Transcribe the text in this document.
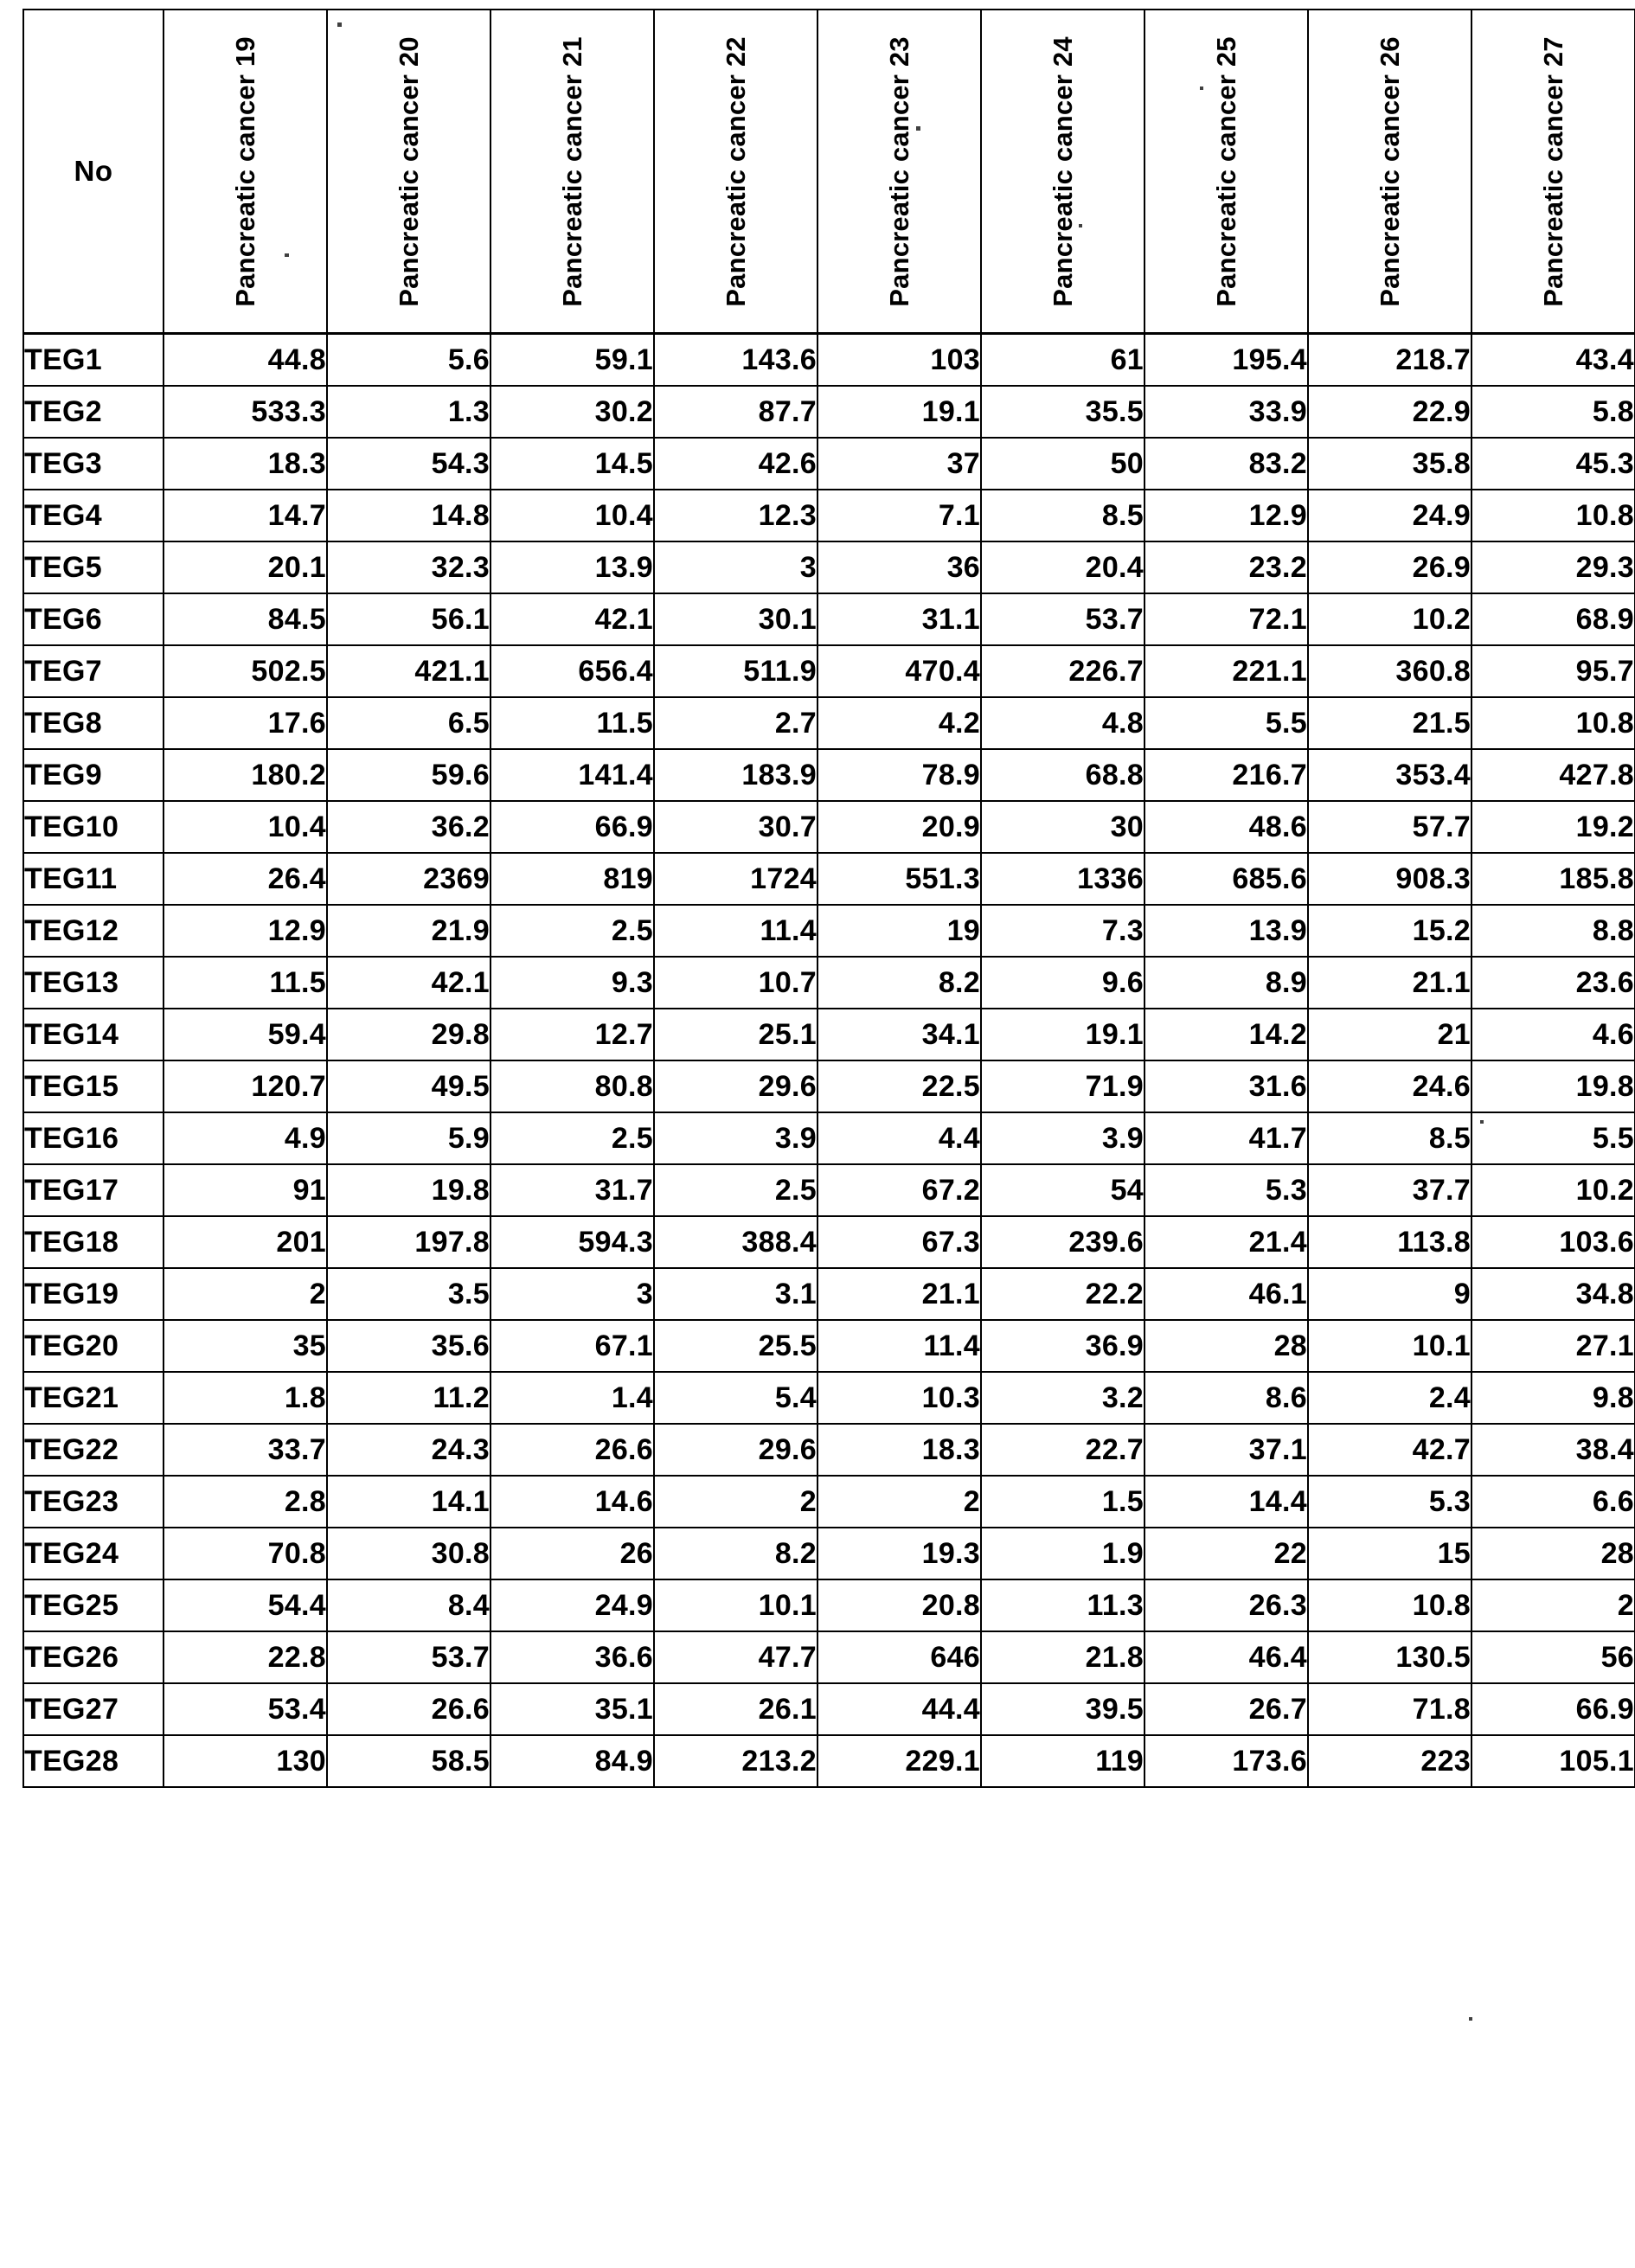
No	Pancreatic cancer 19	Pancreatic cancer 20	Pancreatic cancer 21	Pancreatic cancer 22	Pancreatic cancer 23	Pancreatic cancer 24	Pancreatic cancer 25	Pancreatic cancer 26	Pancreatic cancer 27

TEG1	44.8	5.6	59.1	143.6	103	61	195.4	218.7	43.4
TEG2	533.3	1.3	30.2	87.7	19.1	35.5	33.9	22.9	5.8
TEG3	18.3	54.3	14.5	42.6	37	50	83.2	35.8	45.3
TEG4	14.7	14.8	10.4	12.3	7.1	8.5	12.9	24.9	10.8
TEG5	20.1	32.3	13.9	3	36	20.4	23.2	26.9	29.3
TEG6	84.5	56.1	42.1	30.1	31.1	53.7	72.1	10.2	68.9
TEG7	502.5	421.1	656.4	511.9	470.4	226.7	221.1	360.8	95.7
TEG8	17.6	6.5	11.5	2.7	4.2	4.8	5.5	21.5	10.8
TEG9	180.2	59.6	141.4	183.9	78.9	68.8	216.7	353.4	427.8
TEG10	10.4	36.2	66.9	30.7	20.9	30	48.6	57.7	19.2
TEG11	26.4	2369	819	1724	551.3	1336	685.6	908.3	185.8
TEG12	12.9	21.9	2.5	11.4	19	7.3	13.9	15.2	8.8
TEG13	11.5	42.1	9.3	10.7	8.2	9.6	8.9	21.1	23.6
TEG14	59.4	29.8	12.7	25.1	34.1	19.1	14.2	21	4.6
TEG15	120.7	49.5	80.8	29.6	22.5	71.9	31.6	24.6	19.8
TEG16	4.9	5.9	2.5	3.9	4.4	3.9	41.7	8.5	5.5
TEG17	91	19.8	31.7	2.5	67.2	54	5.3	37.7	10.2
TEG18	201	197.8	594.3	388.4	67.3	239.6	21.4	113.8	103.6
TEG19	2	3.5	3	3.1	21.1	22.2	46.1	9	34.8
TEG20	35	35.6	67.1	25.5	11.4	36.9	28	10.1	27.1
TEG21	1.8	11.2	1.4	5.4	10.3	3.2	8.6	2.4	9.8
TEG22	33.7	24.3	26.6	29.6	18.3	22.7	37.1	42.7	38.4
TEG23	2.8	14.1	14.6	2	2	1.5	14.4	5.3	6.6
TEG24	70.8	30.8	26	8.2	19.3	1.9	22	15	28
TEG25	54.4	8.4	24.9	10.1	20.8	11.3	26.3	10.8	2
TEG26	22.8	53.7	36.6	47.7	646	21.8	46.4	130.5	56
TEG27	53.4	26.6	35.1	26.1	44.4	39.5	26.7	71.8	66.9
TEG28	130	58.5	84.9	213.2	229.1	119	173.6	223	105.1
